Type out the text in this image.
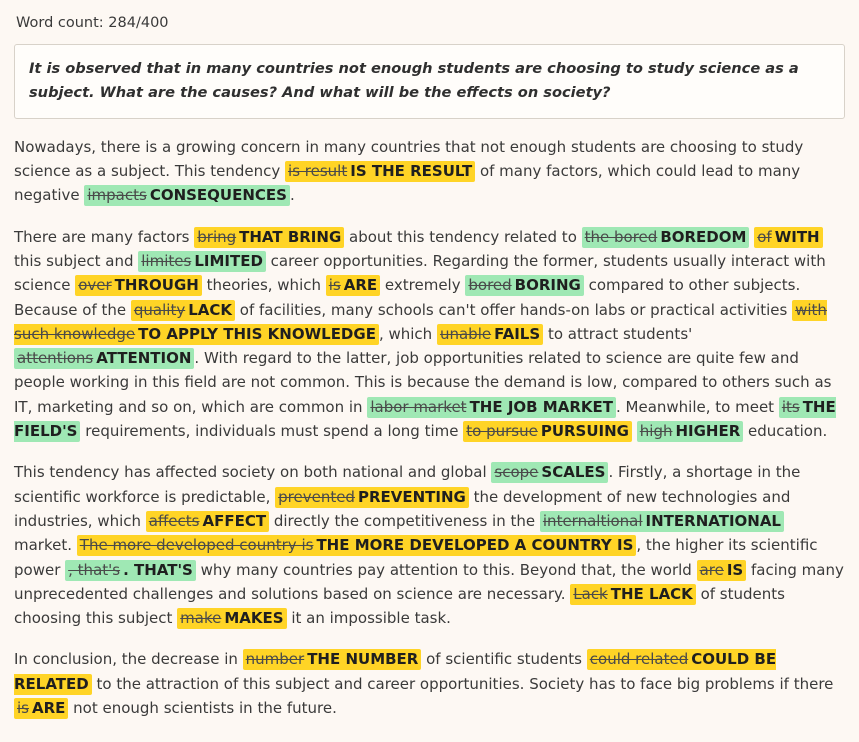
Word count: 284/400

It is observed that in many countries not enough students are choosing to study science as a subject. What are the causes? And what will be the effects on society?

Nowadays, there is a growing concern in many countries that not enough students are choosing to study science as a subject. This tendency is result IS THE RESULT of many factors, which could lead to many negative impacts CONSEQUENCES .

There are many factors bring THAT BRING about this tendency related to the bored BOREDOM of WITH this subject and limites LIMITED career opportunities. Regarding the former, students usually interact with science over THROUGH theories, which is ARE extremely bored BORING compared to other subjects. Because of the quality LACK of facilities, many schools can't offer hands-on labs or practical activities with such knowledge TO APPLY THIS KNOWLEDGE , which unable FAILS to attract students' attentions ATTENTION . With regard to the latter, job opportunities related to science are quite few and people working in this field are not common. This is because the demand is low, compared to others such as IT, marketing and so on, which are common in labor market THE JOB MARKET . Meanwhile, to meet its THE FIELD'S requirements, individuals must spend a long time to pursue PURSUING high HIGHER education.

This tendency has affected society on both national and global scope SCALES . Firstly, a shortage in the scientific workforce is predictable, prevented PREVENTING the development of new technologies and industries, which affects AFFECT directly the competitiveness in the internaltional INTERNATIONAL market. The more developed country is THE MORE DEVELOPED A COUNTRY IS , the higher its scientific power , that's . THAT'S why many countries pay attention to this. Beyond that, the world are IS facing many unprecedented challenges and solutions based on science are necessary. Lack THE LACK of students choosing this subject make MAKES it an impossible task.

In conclusion, the decrease in number THE NUMBER of scientific students could related COULD BE RELATED to the attraction of this subject and career opportunities. Society has to face big problems if there is ARE not enough scientists in the future.
